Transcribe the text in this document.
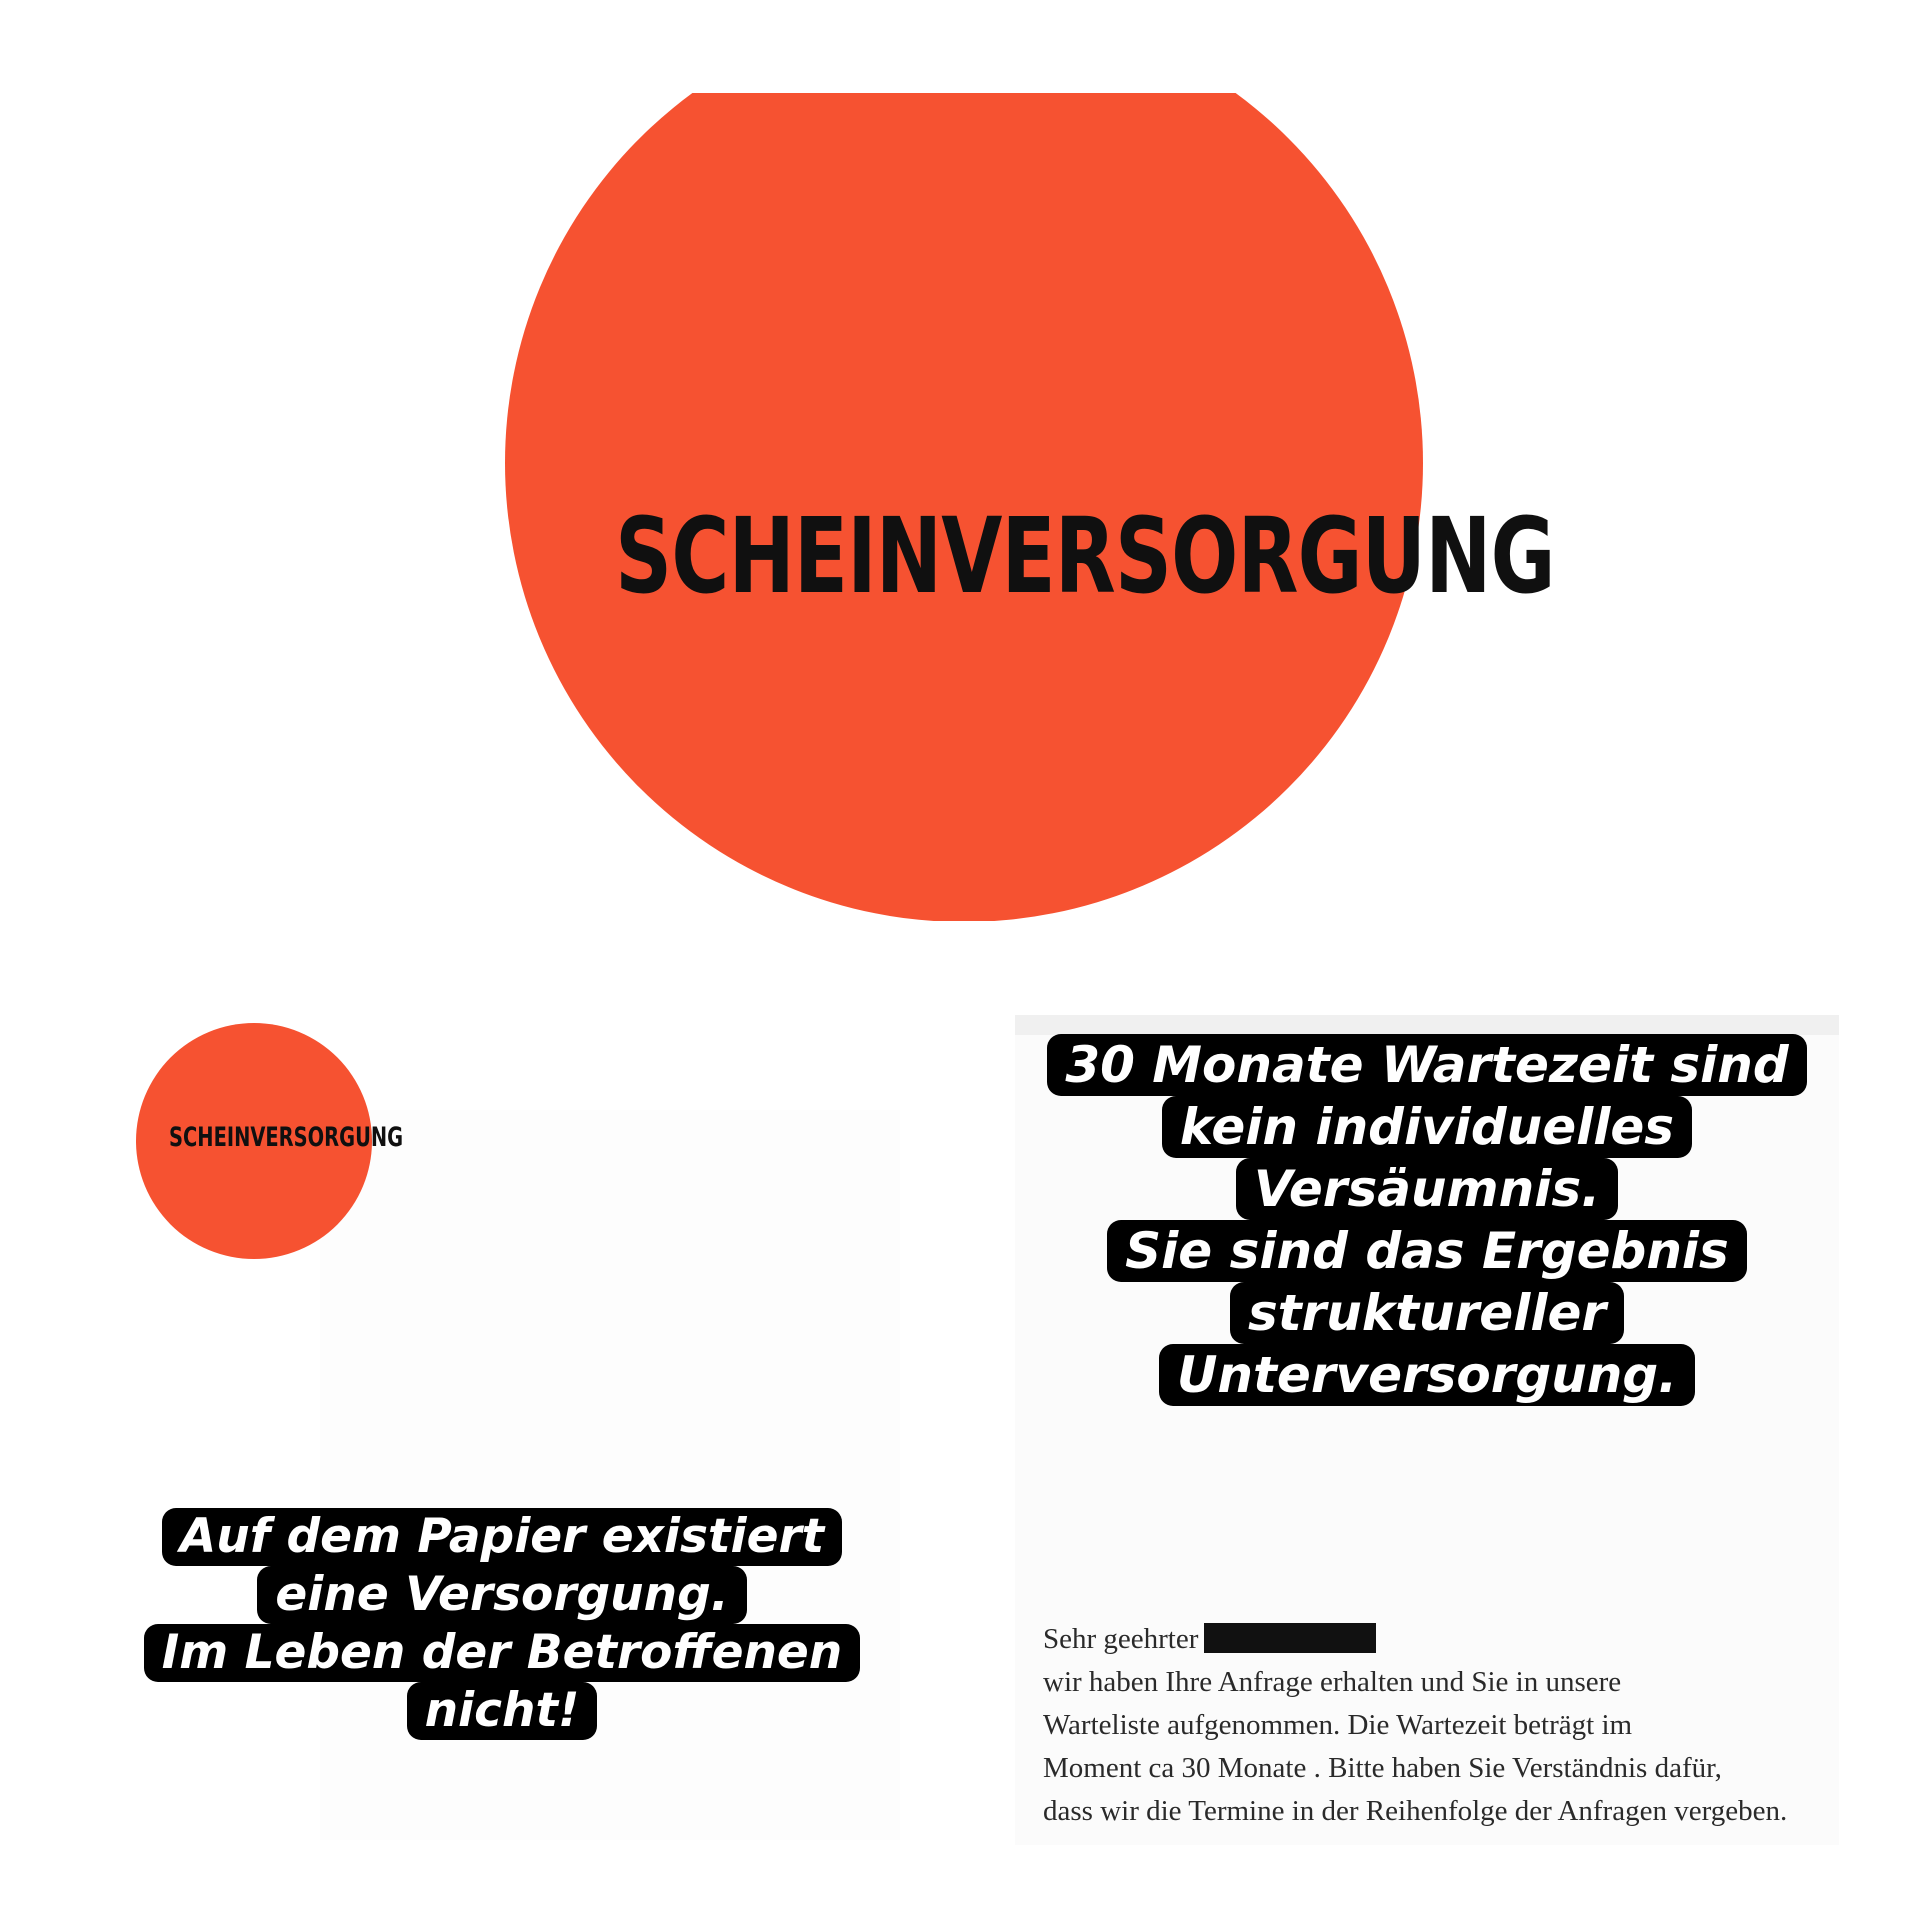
SCHEINVERSORGUNG
SCHEINVERSORGUNG
30 Monate Wartezeit sind
kein individuelles
Versäumnis.
Sie sind das Ergebnis
struktureller
Unterversorgung.
Auf dem Papier existiert
eine Versorgung.
Im Leben der Betroffenen
nicht!
Sehr geehrter
wir haben Ihre Anfrage erhalten und Sie in unsere
Warteliste aufgenommen. Die Wartezeit beträgt im
Moment ca 30 Monate . Bitte haben Sie Verständnis dafür,
dass wir die Termine in der Reihenfolge der Anfragen vergeben.
